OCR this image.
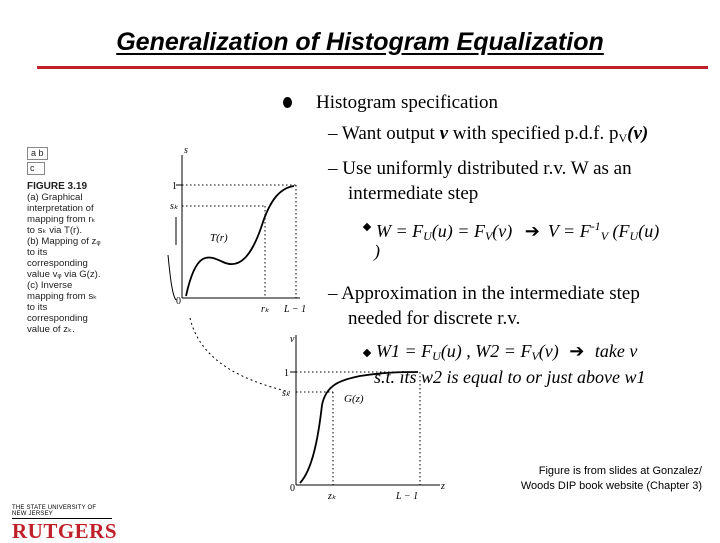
Generalization of Histogram Equalization
Histogram specification
– Want output v with specified p.d.f. $p_V(v)$
– Use uniformly distributed r.v. W as an
intermediate step
$W = F_U(u) = F_V(v)$ ➔ $V = F^{-1}_V$ ($F_U(u)$
)
– Approximation in the intermediate step
needed for discrete r.v.
$W1 = F_U(u)$ , $W2 = F_V(v)$ ➔ take v
s.t. its w2 is equal to or just above w1
a b
c
FIGURE 3.19
(a) Graphical
interpretation of
mapping from rₖ
to sₖ via T(r).
(b) Mapping of zᵩ
to its
corresponding
value vᵩ via G(z).
(c) Inverse
mapping from sₖ
to its
corresponding
value of zₖ.
s
1
sₖ
T(r)
0
rₖ L − 1
v
1
sₖ	G(z)
0
zₖ	L − 1
z
Figure is from slides at Gonzalez/
Woods DIP book website (Chapter 3)
THE STATE UNIVERSITY OF NEW JERSEY
RUTGERS
